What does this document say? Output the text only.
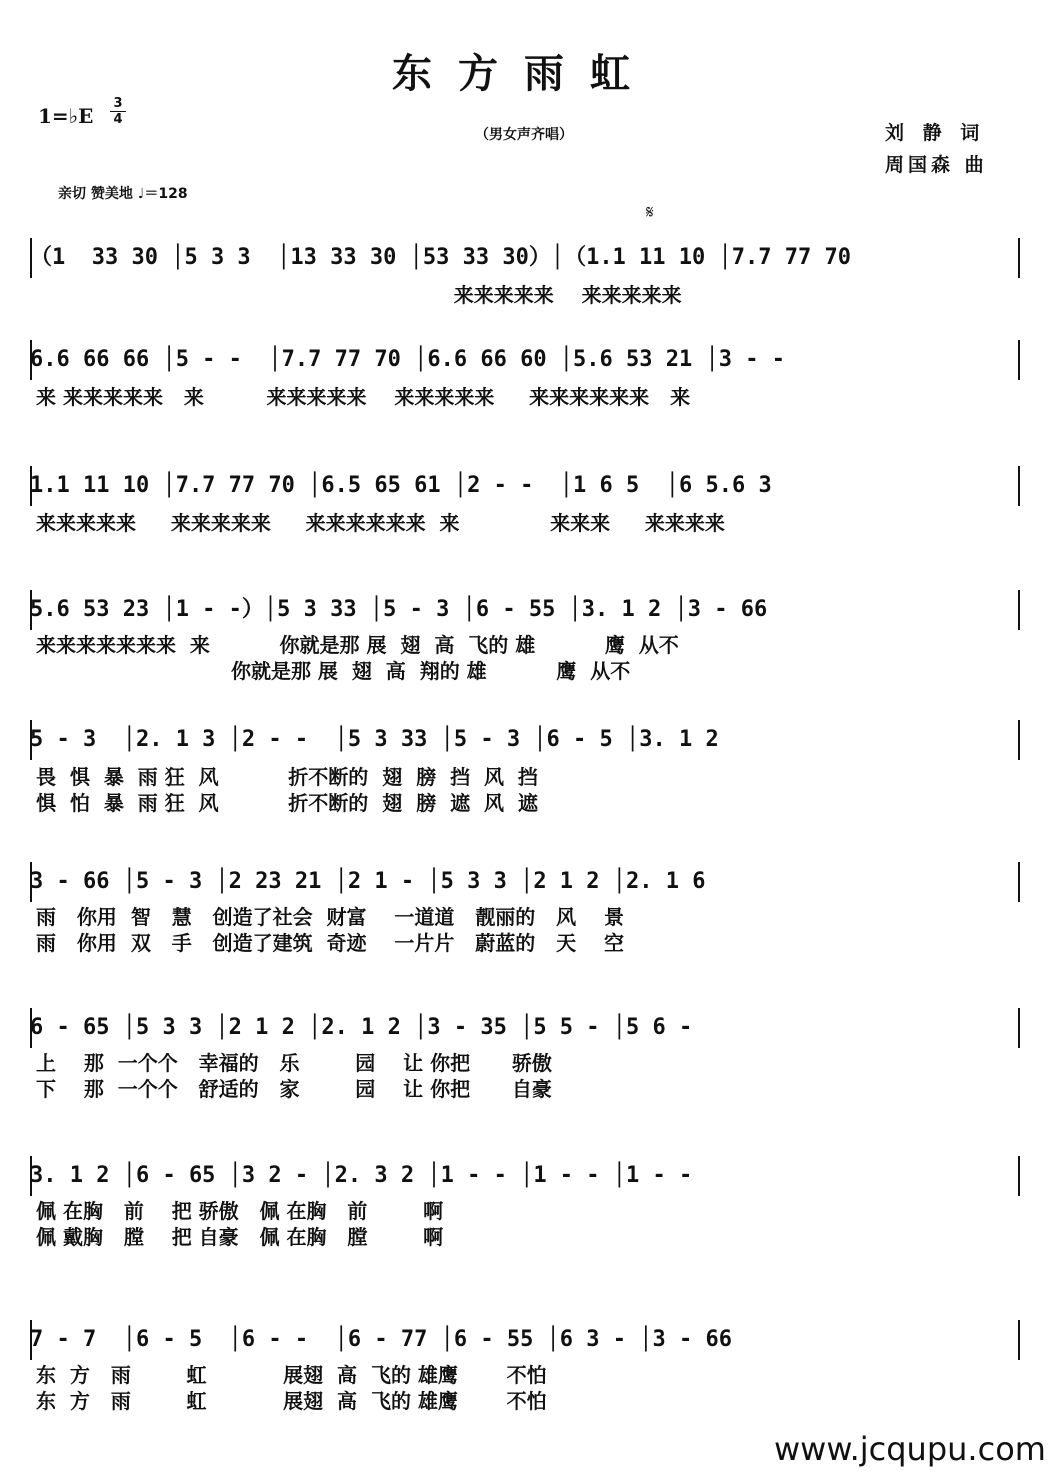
东方雨虹
1=♭E $\frac{3}{4}$
（男女声齐唱）	刘 静 词
周国森 曲
亲切 赞美地 ♩＝128
𝄋
（1  33 30 │5 3 3  │13 33 30 │53 33 30）│（1.1 11 10 │7.7 77 70
来来来来来    来来来来来
6.6 66 66 │5 - -  │7.7 77 70 │6.6 66 60 │5.6 53 21 │3 - -
来 来来来来来   来         来来来来来    来来来来来     来来来来来来   来
1.1 11 10 │7.7 77 70 │6.5 65 61 │2 - -  │1 6 5  │6 5.6 3
来来来来来     来来来来来     来来来来来来  来             来来来     来来来来
5.6 53 23 │1 - -）│5 3 33 │5 - 3 │6 - 55 │3. 1 2 │3 - 66
来来来来来来来  来          你就是那 展  翅  高  飞的 雄          鹰  从不
你就是那 展  翅  高  翔的 雄          鹰  从不
5 - 3  │2. 1 3 │2 - -  │5 3 33 │5 - 3 │6 - 5 │3. 1 2
畏  惧  暴  雨 狂  风          折不断的  翅  膀  挡  风  挡
惧  怕  暴  雨 狂  风          折不断的  翅  膀  遮  风  遮
3 - 66 │5 - 3 │2 23 21 │2 1 - │5 3 3 │2 1 2 │2. 1 6
雨   你用  智   慧   创造了社会  财富    一道道   靓丽的   风    景
雨   你用  双   手   创造了建筑  奇迹    一片片   蔚蓝的   天    空
6 - 65 │5 3 3 │2 1 2 │2. 1 2 │3 - 35 │5 5 - │5 6 -
上    那  一个个   幸福的   乐        园    让 你把      骄傲
下    那  一个个   舒适的   家        园    让 你把      自豪
3. 1 2 │6 - 65 │3 2 - │2. 3 2 │1 - - │1 - - │1 - -
佩 在胸   前    把 骄傲   佩 在胸   前        啊
佩 戴胸   膛    把 自豪   佩 在胸   膛        啊
7 - 7  │6 - 5  │6 - -  │6 - 77 │6 - 55 │6 3 - │3 - 66
东  方   雨        虹           展翅  高  飞的 雄鹰       不怕
东  方   雨        虹           展翅  高  飞的 雄鹰       不怕
www.jcqupu.com
